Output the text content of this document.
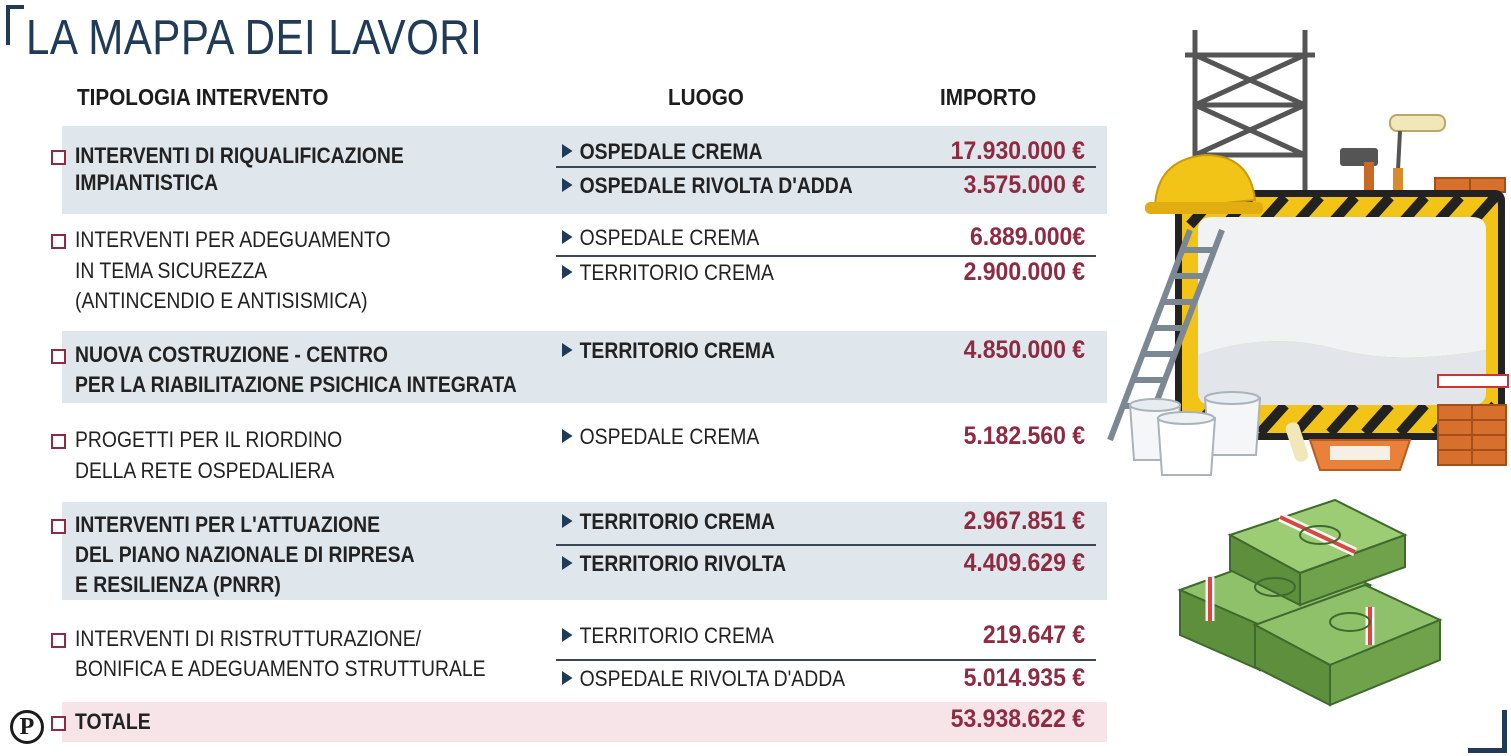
LA MAPPA DEI LAVORI
TIPOLOGIA INTERVENTO	LUOGO	IMPORTO
INTERVENTI DI RIQUALIFICAZIONE
IMPIANTISTICA
OSPEDALE CREMA	17.930.000 €
OSPEDALE RIVOLTA D'ADDA	3.575.000 €
INTERVENTI PER ADEGUAMENTO
IN TEMA SICUREZZA
(ANTINCENDIO E ANTISISMICA)
OSPEDALE CREMA	6.889.000€
TERRITORIO CREMA	2.900.000 €
NUOVA COSTRUZIONE - CENTRO
PER LA RIABILITAZIONE PSICHICA INTEGRATA
TERRITORIO CREMA	4.850.000 €
PROGETTI PER IL RIORDINO
DELLA RETE OSPEDALIERA
OSPEDALE CREMA	5.182.560 €
INTERVENTI PER L'ATTUAZIONE
DEL PIANO NAZIONALE DI RIPRESA
E RESILIENZA (PNRR)
TERRITORIO CREMA	2.967.851 €
TERRITORIO RIVOLTA	4.409.629 €
INTERVENTI DI RISTRUTTURAZIONE/
BONIFICA E ADEGUAMENTO STRUTTURALE
TERRITORIO CREMA	219.647 €
OSPEDALE RIVOLTA D'ADDA	5.014.935 €
TOTALE	53.938.622 €
P
